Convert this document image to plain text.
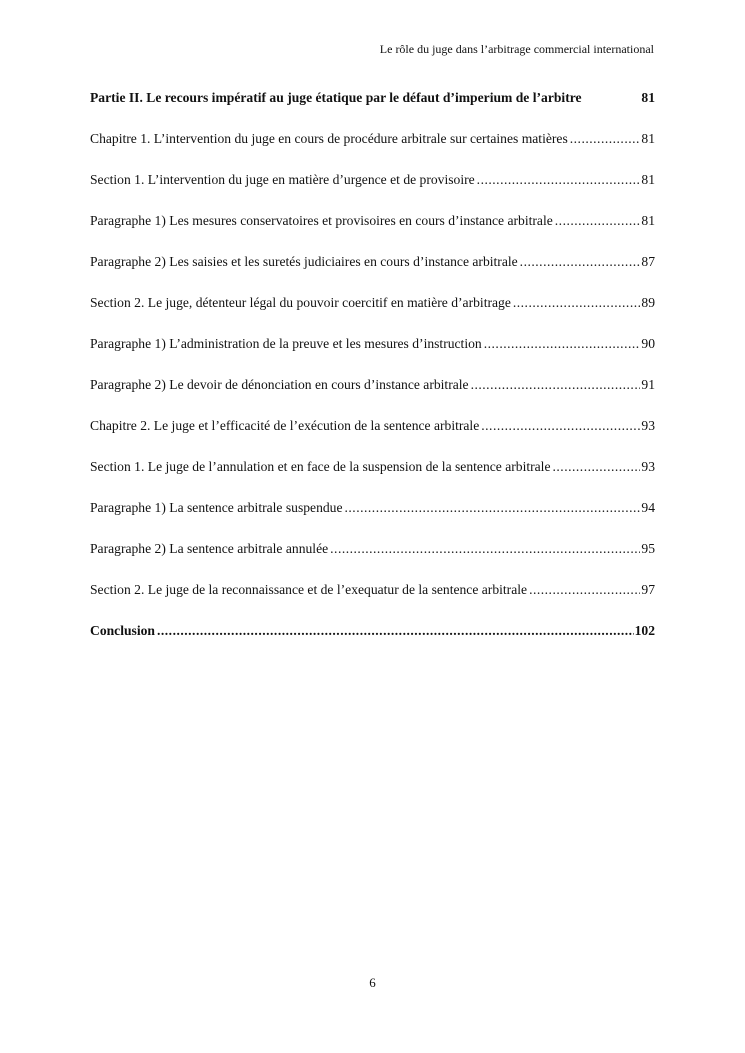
Le rôle du juge dans l’arbitrage commercial international
Partie II. Le recours impératif au juge étatique par le défaut d’imperium de l’arbitre	81
Chapitre 1. L’intervention du juge en cours de procédure arbitrale sur certaines matières .....	81
Section 1. L’intervention du juge en matière d’urgence et de provisoire .....	81
Paragraphe 1) Les mesures conservatoires et provisoires en cours d’instance arbitrale .....	81
Paragraphe 2) Les saisies et les suretés judiciaires en cours d’instance arbitrale .....	87
Section 2. Le juge, détenteur légal du pouvoir coercitif en matière d’arbitrage .....	89
Paragraphe 1) L’administration de la preuve et les mesures d’instruction .....	90
Paragraphe 2) Le devoir de dénonciation en cours d’instance arbitrale .....	91
Chapitre 2. Le juge et l’efficacité de l’exécution de la sentence arbitrale .....	93
Section 1. Le juge de l’annulation et en face de la suspension de la sentence arbitrale .....	93
Paragraphe 1) La sentence arbitrale suspendue .....	94
Paragraphe 2) La sentence arbitrale annulée .....	95
Section 2. Le juge de la reconnaissance et de l’exequatur de la sentence arbitrale .....	97
Conclusion .....	102
6
